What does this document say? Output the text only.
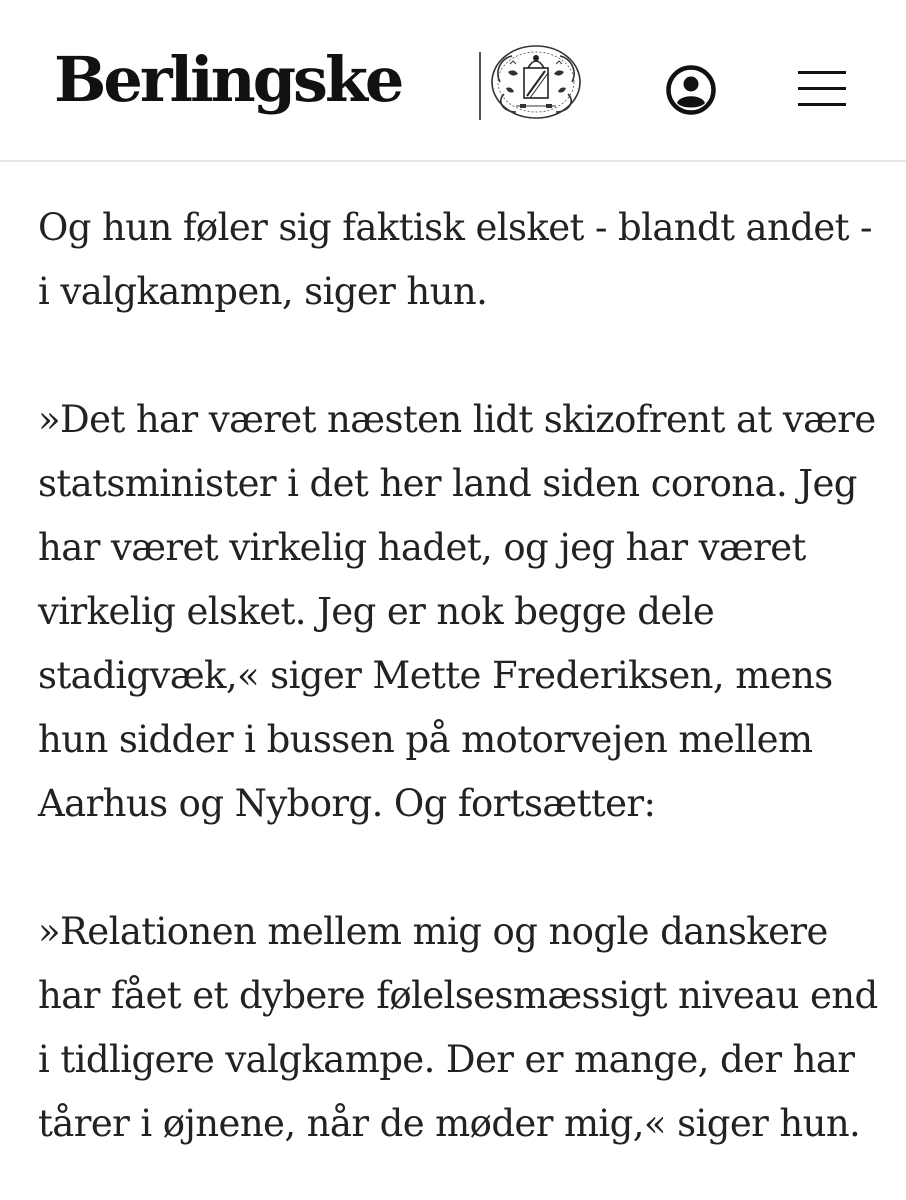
Berlingske

Og hun føler sig faktisk elsket - blandt andet - i valgkampen, siger hun.

»Det har været næsten lidt skizofrent at være statsminister i det her land siden corona. Jeg har været virkelig hadet, og jeg har været virkelig elsket. Jeg er nok begge dele stadigvæk,« siger Mette Frederiksen, mens hun sidder i bussen på motorvejen mellem Aarhus og Nyborg. Og fortsætter:

»Relationen mellem mig og nogle danskere har fået et dybere følelsesmæssigt niveau end i tidligere valgkampe. Der er mange, der har tårer i øjnene, når de møder mig,« siger hun.
